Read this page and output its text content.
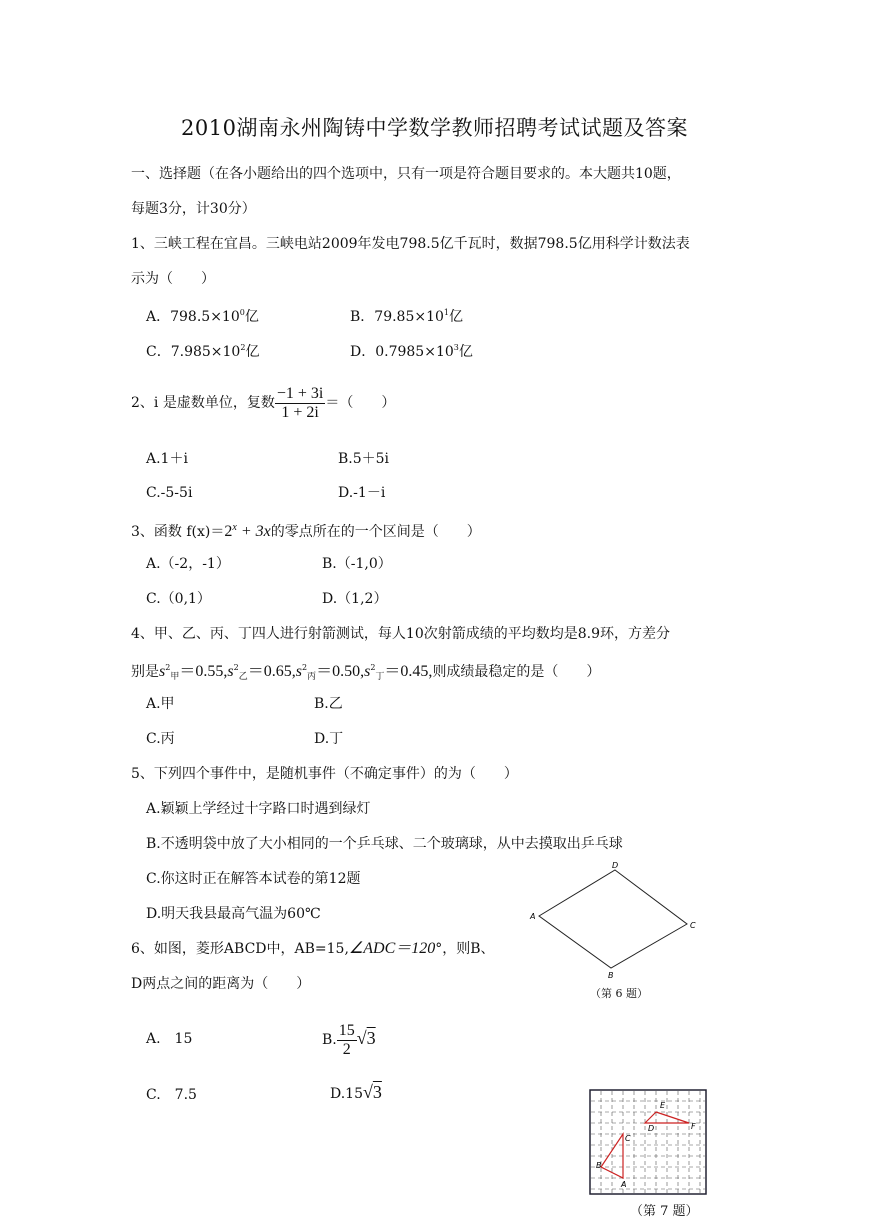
2010湖南永州陶铸中学数学教师招聘考试试题及答案
一、选择题（在各小题给出的四个选项中，只有一项是符合题目要求的。本大题共10题，
每题3分，计30分）
1、三峡工程在宜昌。三峡电站2009年发电798.5亿千瓦时，数据798.5亿用科学计数法表
示为（　　）
A．$798.5\times 10^0$亿	B．$79.85\times 10^1$亿
C．$7.985\times 10^2$亿	D．$0.7985\times 10^3$亿
2、i 是虚数单位，复数 $\frac{-1 + 3i}{1 + 2i}$ ＝（　　）
A.1＋i	B.5＋5i
C.-5-5i	D.-1－i
3、函数 $f(x)=2^x + 3x$的零点所在的一个区间是（　　）
A.（-2，-1）	B.（-1,0）
C.（0,1）	D.（1,2）
4、甲、乙、丙、丁四人进行射箭测试，每人10次射箭成绩的平均数均是8.9环，方差分
别是$s^2_甲=0.55,s^2_乙=0.65,s^2_丙=0.50,s^2_丁=0.45$,则成绩最稳定的是（　　）
A.甲	B.乙
C.丙	D.丁
5、下列四个事件中，是随机事件（不确定事件）的为（　　）
A.颖颖上学经过十字路口时遇到绿灯
B.不透明袋中放了大小相同的一个乒乓球、二个玻璃球，从中去摸取出乒乓球
C.你这时正在解答本试卷的第12题
D.明天我县最高气温为60℃
6、如图，菱形ABCD中，AB=15,∠ADC＝120°，则B、
D两点之间的距离为（　　）
A.　15	B. $\frac{15}{2} √3$
C.　7.5	D.15√3
D
C
B
A
（第 6 题）
E
F
D
C
B
A
（第 7 题）
